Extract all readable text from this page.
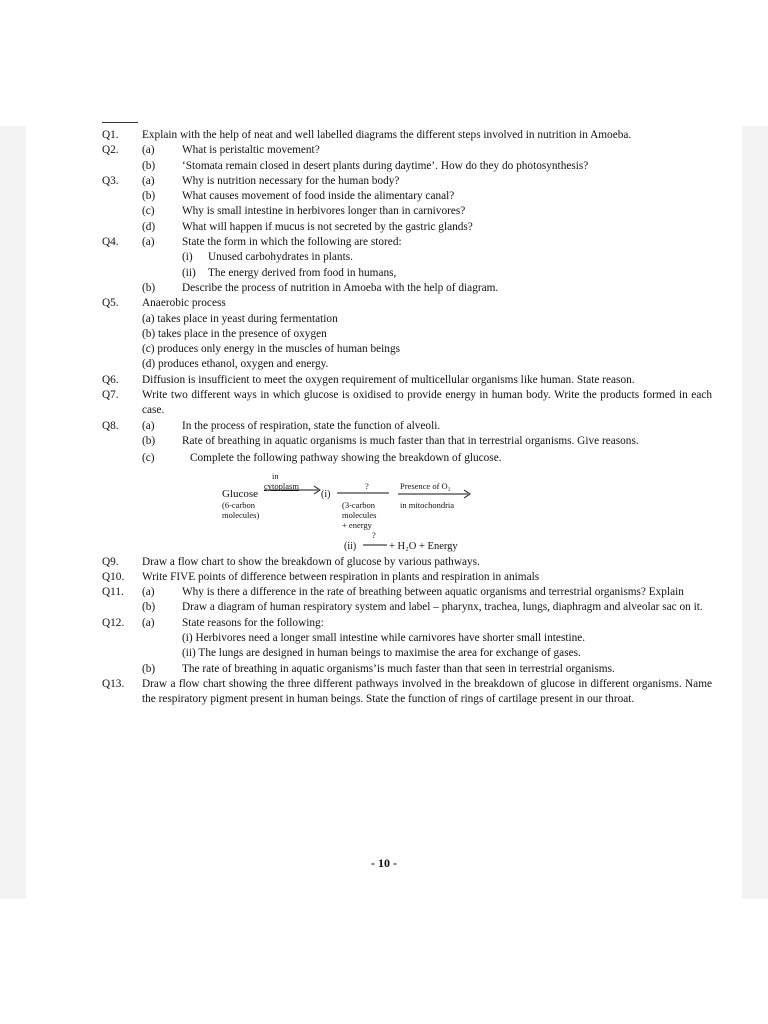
Q1.	Explain with the help of neat and well labelled diagrams the different steps involved in nutrition in Amoeba.
Q2.	(a)	What is peristaltic movement?
(b)	‘Stomata remain closed in desert plants during daytime’. How do they do photosynthesis?
Q3.	(a)	Why is nutrition necessary for the human body?
(b)	What causes movement of food inside the alimentary canal?
(c)	Why is small intestine in herbivores longer than in carnivores?
(d)	What will happen if mucus is not secreted by the gastric glands?
Q4.	(a)	State the form in which the following are stored:
(i)	Unused carbohydrates in plants.
(ii)	The energy derived from food in humans,
(b)	Describe the process of nutrition in Amoeba with the help of diagram.
Q5.	Anaerobic process
(a) takes place in yeast during fermentation
(b) takes place in the presence of oxygen
(c) produces only energy in the muscles of human beings
(d) produces ethanol, oxygen and energy.
Q6.	Diffusion is insufficient to meet the oxygen requirement of multicellular organisms like human. State reason.
Q7.	Write two different ways in which glucose is oxidised to provide energy in human body. Write the products formed in each case.
Q8.	(a)	In the process of respiration, state the function of alveoli.
(b)	Rate of breathing in aquatic organisms is much faster than that in terrestrial organisms. Give reasons.
(c)	Complete the following pathway showing the breakdown of glucose.
in
cytoplasm
Glucose
(6-carbon
molecules)
(i)
?
(3-carbon
molecules
+ energy
Presence of O₂
in mitochondria
(ii)
?
+ H₂O + Energy
Q9.	Draw a flow chart to show the breakdown of glucose by various pathways.
Q10.	Write FIVE points of difference between respiration in plants and respiration in animals
Q11.	(a)	Why is there a difference in the rate of breathing between aquatic organisms and terrestrial organisms? Explain
(b)	Draw a diagram of human respiratory system and label – pharynx, trachea, lungs, diaphragm and alveolar sac on it.
Q12.	(a)	State reasons for the following:
(i) Herbivores need a longer small intestine while carnivores have shorter small intestine.
(ii) The lungs are designed in human beings to maximise the area for exchange of gases.
(b)	The rate of breathing in aquatic organisms’is much faster than that seen in terrestrial organisms.
Q13.	Draw a flow chart showing the three different pathways involved in the breakdown of glucose in different organisms. Name the respiratory pigment present in human beings. State the function of rings of cartilage present in our throat.
- 10 -
